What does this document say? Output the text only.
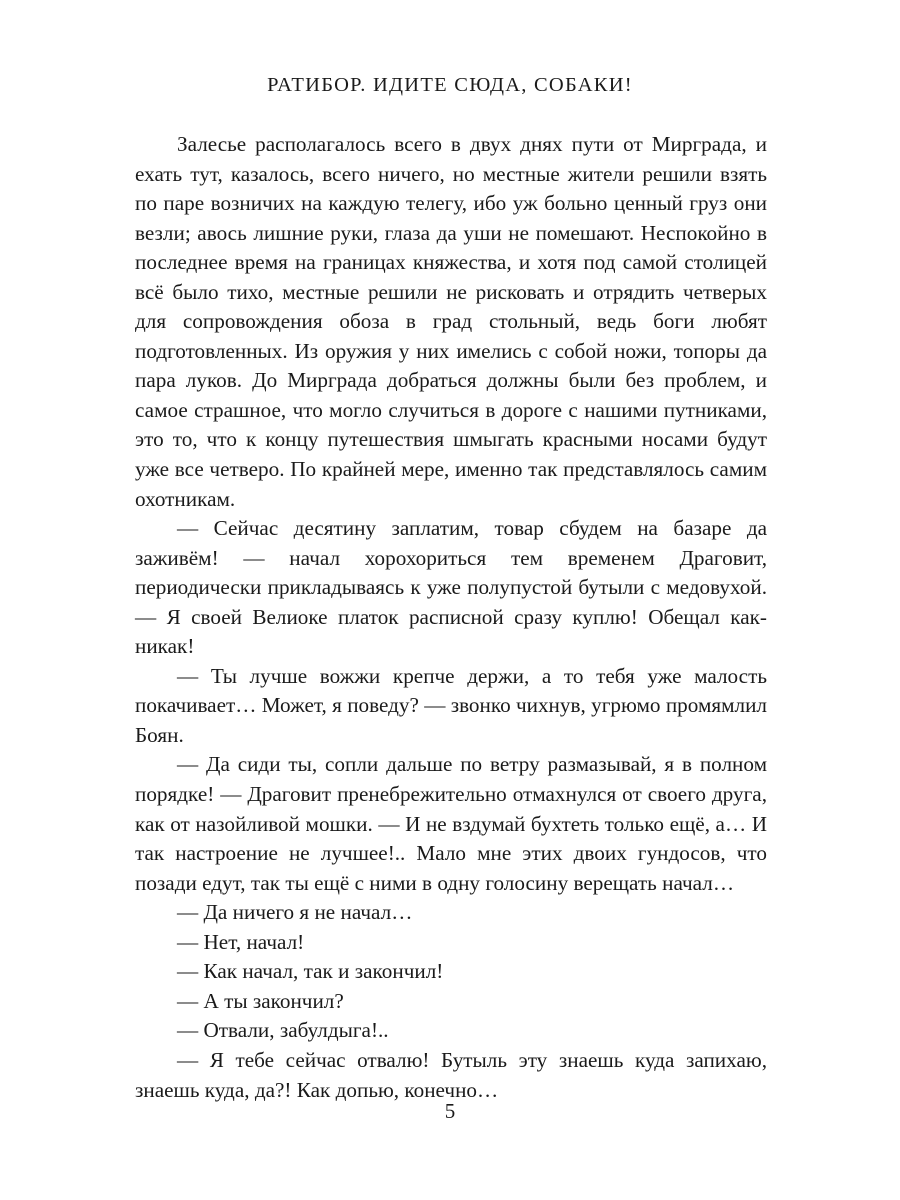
РАТИБОР. ИДИТЕ СЮДА, СОБАКИ!

Залесье располагалось всего в двух днях пути от Мирграда, и ехать тут, казалось, всего ничего, но местные жители решили взять по паре возничих на каждую телегу, ибо уж больно ценный груз они везли; авось лишние руки, глаза да уши не помешают. Неспокойно в последнее время на границах княжества, и хотя под самой столицей всё было тихо, местные решили не рисковать и отрядить четверых для сопровождения обоза в град стольный, ведь боги любят подготовленных. Из оружия у них имелись с собой ножи, топоры да пара луков. До Мирграда добраться должны были без проблем, и самое страшное, что могло случиться в дороге с нашими путниками, это то, что к концу путешествия шмыгать красными носами будут уже все четверо. По крайней мере, именно так представлялось самим охотникам.

— Сейчас десятину заплатим, товар сбудем на базаре да заживём! — начал хорохориться тем временем Драговит, периодически прикладываясь к уже полупустой бутыли с медовухой. — Я своей Велиоке платок расписной сразу куплю! Обещал как-никак!

— Ты лучше вожжи крепче держи, а то тебя уже малость покачивает… Может, я поведу? — звонко чихнув, угрюмо промямлил Боян.

— Да сиди ты, сопли дальше по ветру размазывай, я в полном порядке! — Драговит пренебрежительно отмахнулся от своего друга, как от назойливой мошки. — И не вздумай бухтеть только ещё, а… И так настроение не лучшее!.. Мало мне этих двоих гундосов, что позади едут, так ты ещё с ними в одну голосину верещать начал…

— Да ничего я не начал…

— Нет, начал!

— Как начал, так и закончил!

— А ты закончил?

— Отвали, забулдыга!..

— Я тебе сейчас отвалю! Бутыль эту знаешь куда запихаю, знаешь куда, да?! Как допью, конечно…

5
